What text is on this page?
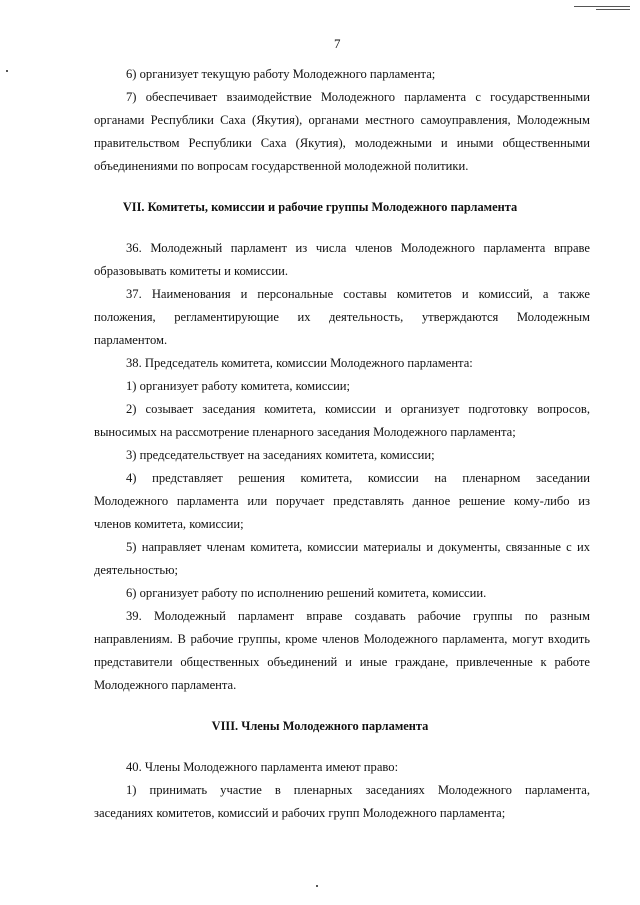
7
6) организует текущую работу Молодежного парламента;
7) обеспечивает взаимодействие Молодежного парламента с государственными
органами Республики Саха (Якутия), органами местного самоуправления, Молодежным
правительством Республики Саха (Якутия), молодежными и иными общественными
объединениями по вопросам государственной молодежной политики.
VII. Комитеты, комиссии и рабочие группы Молодежного парламента
36. Молодежный парламент из числа членов Молодежного парламента вправе
образовывать комитеты и комиссии.
37. Наименования и персональные составы комитетов и комиссий, а также
положения, регламентирующие их деятельность, утверждаются Молодежным
парламентом.
38. Председатель комитета, комиссии Молодежного парламента:
1) организует работу комитета, комиссии;
2) созывает заседания комитета, комиссии и организует подготовку вопросов,
выносимых на рассмотрение пленарного заседания Молодежного парламента;
3) председательствует на заседаниях комитета, комиссии;
4) представляет решения комитета, комиссии на пленарном заседании
Молодежного парламента или поручает представлять данное решение кому-либо из
членов комитета, комиссии;
5) направляет членам комитета, комиссии материалы и документы, связанные с их
деятельностью;
6) организует работу по исполнению решений комитета, комиссии.
39. Молодежный парламент вправе создавать рабочие группы по разным
направлениям. В рабочие группы, кроме членов Молодежного парламента, могут входить
представители общественных объединений и иные граждане, привлеченные к работе
Молодежного парламента.
VIII. Члены Молодежного парламента
40. Члены Молодежного парламента имеют право:
1) принимать участие в пленарных заседаниях Молодежного парламента,
заседаниях комитетов, комиссий и рабочих групп Молодежного парламента;
